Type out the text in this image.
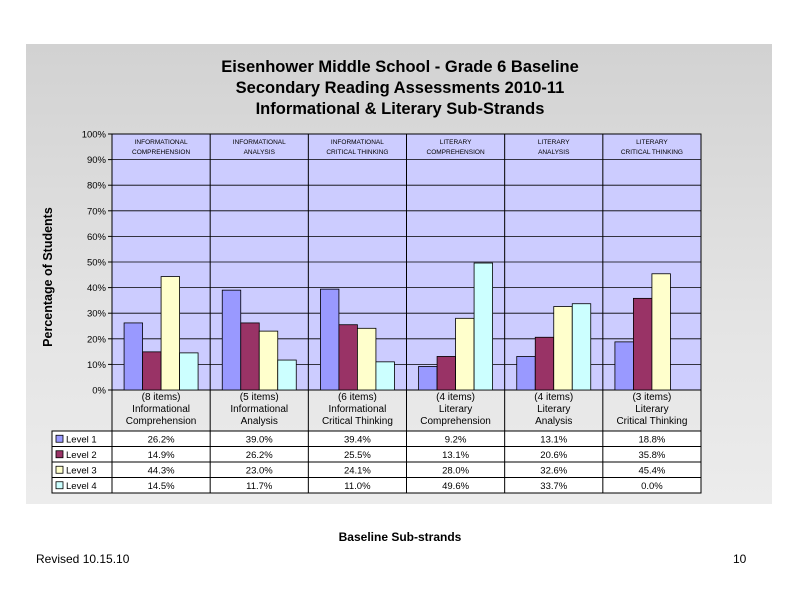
Eisenhower Middle School - Grade 6 Baseline
Secondary Reading Assessments 2010-11
Informational & Literary Sub-Strands
0%
10%
20%
30%
40%
50%
60%
70%
80%
90%
100%
INFORMATIONAL
COMPREHENSION
INFORMATIONAL
ANALYSIS
INFORMATIONAL
CRITICAL THINKING
LITERARY
COMPREHENSION
LITERARY
ANALYSIS
LITERARY
CRITICAL THINKING
(8 items)
Informational
Comprehension
(5 items)
Informational
Analysis
(6 items)
Informational
Critical Thinking
(4 items)
Literary
Comprehension
(4 items)
Literary
Analysis
(3 items)
Literary
Critical Thinking
Level 1	26.2%	39.0%	39.4%	9.2%	13.1%	18.8%
Level 2	14.9%	26.2%	25.5%	13.1%	20.6%	35.8%
Level 3	44.3%	23.0%	24.1%	28.0%	32.6%	45.4%
Level 4	14.5%	11.7%	11.0%	49.6%	33.7%	0.0%
Percentage of Students
Baseline Sub-strands
Revised 10.15.10	10
